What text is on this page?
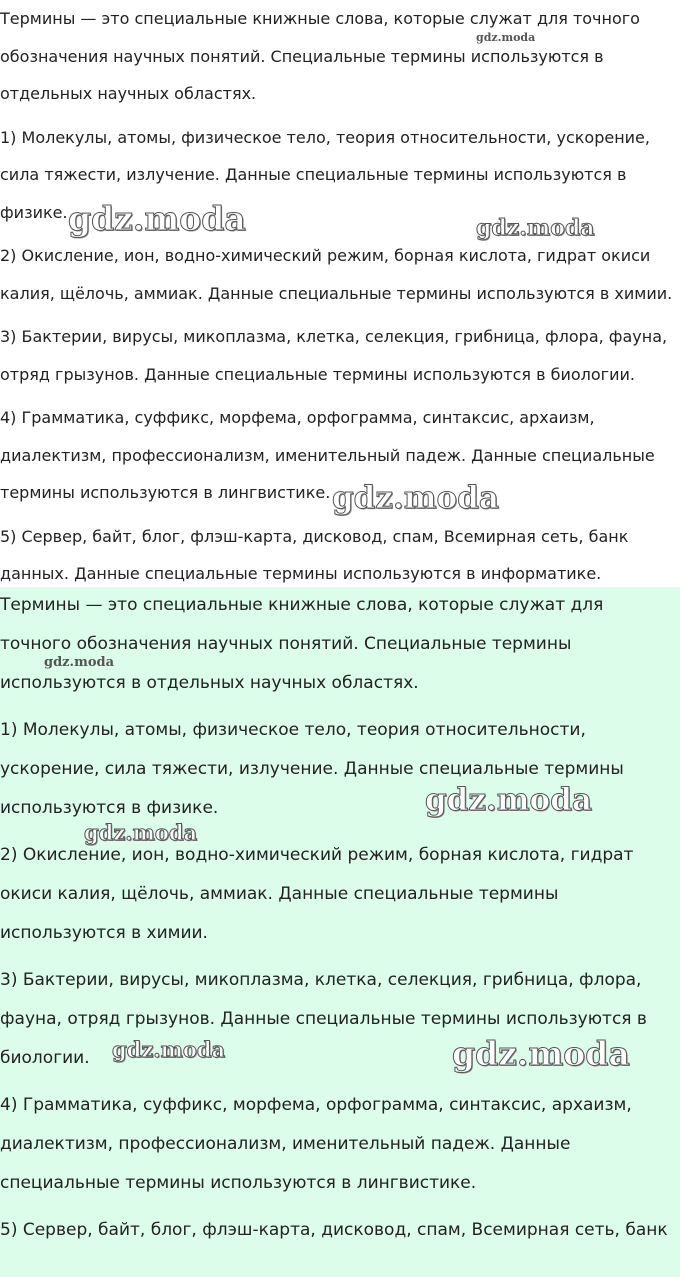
Термины — это специальные книжные слова, которые служат для точного
обозначения научных понятий. Специальные термины используются в
отдельных научных областях.
1) Молекулы, атомы, физическое тело, теория относительности, ускорение,
сила тяжести, излучение. Данные специальные термины используются в
физике.
2) Окисление, ион, водно-химический режим, борная кислота, гидрат окиси
калия, щёлочь, аммиак. Данные специальные термины используются в химии.
3) Бактерии, вирусы, микоплазма, клетка, селекция, грибница, флора, фауна,
отряд грызунов. Данные специальные термины используются в биологии.
4) Грамматика, суффикс, морфема, орфограмма, синтаксис, архаизм,
диалектизм, профессионализм, именительный падеж. Данные специальные
термины используются в лингвистике.
5) Сервер, байт, блог, флэш-карта, дисковод, спам, Всемирная сеть, банк
данных. Данные специальные термины используются в информатике.
Термины — это специальные книжные слова, которые служат для
точного обозначения научных понятий. Специальные термины
используются в отдельных научных областях.
1) Молекулы, атомы, физическое тело, теория относительности,
ускорение, сила тяжести, излучение. Данные специальные термины
используются в физике.
2) Окисление, ион, водно-химический режим, борная кислота, гидрат
окиси калия, щёлочь, аммиак. Данные специальные термины
используются в химии.
3) Бактерии, вирусы, микоплазма, клетка, селекция, грибница, флора,
фауна, отряд грызунов. Данные специальные термины используются в
биологии.
4) Грамматика, суффикс, морфема, орфограмма, синтаксис, архаизм,
диалектизм, профессионализм, именительный падеж. Данные
специальные термины используются в лингвистике.
5) Сервер, байт, блог, флэш-карта, дисковод, спам, Всемирная сеть, банк
gdz.moda
gdz.moda	gdz.moda
gdz.moda
gdz.moda
gdz.moda
gdz.moda
gdz.moda	gdz.moda
